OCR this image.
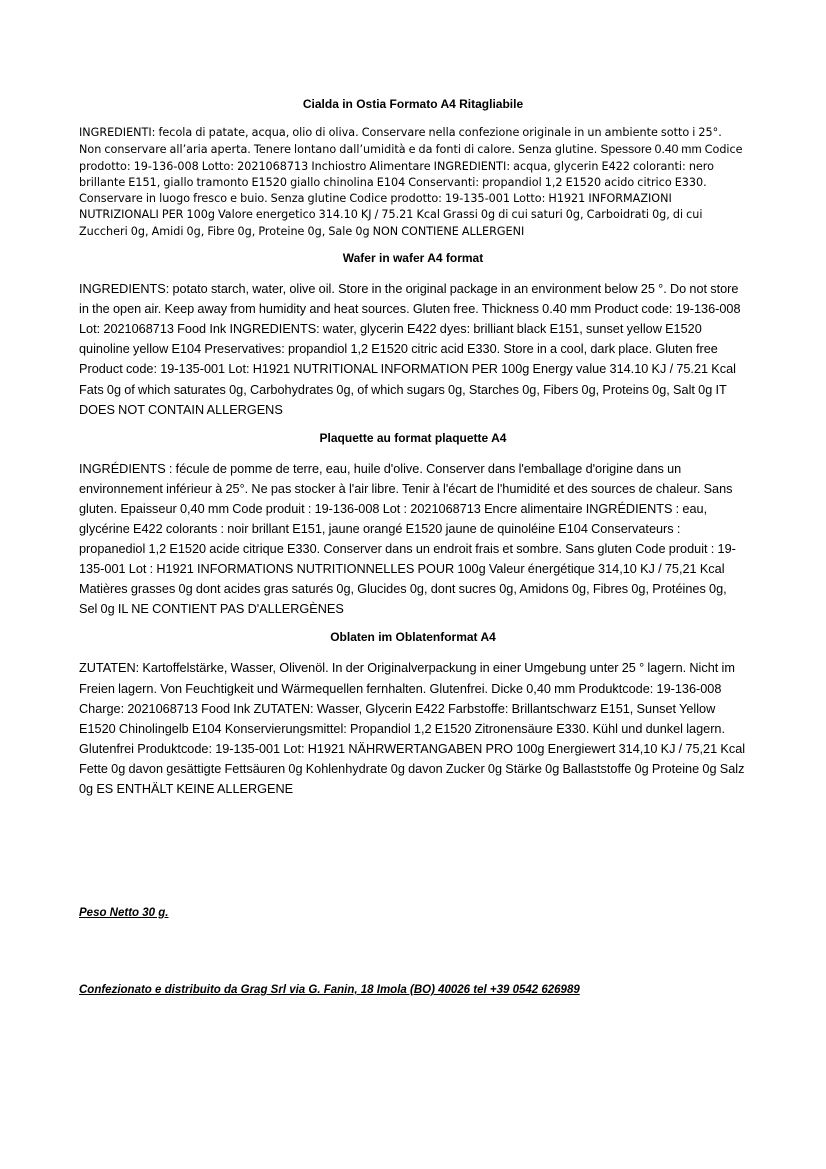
Cialda in Ostia Formato A4 Ritagliabile

INGREDIENTI: fecola di patate, acqua, olio di oliva. Conservare nella confezione originale in un ambiente sotto i 25°. Non conservare all’aria aperta. Tenere lontano dall’umidità e da fonti di calore. Senza glutine. Spessore 0.40 mm Codice prodotto: 19-136-008 Lotto: 2021068713 Inchiostro Alimentare INGREDIENTI: acqua, glycerin E422 coloranti: nero brillante E151, giallo tramonto E1520 giallo chinolina E104 Conservanti: propandiol 1,2 E1520 acido citrico E330. Conservare in luogo fresco e buio. Senza glutine Codice prodotto: 19-135-001 Lotto: H1921 INFORMAZIONI NUTRIZIONALI PER 100g Valore energetico 314.10 KJ / 75.21 Kcal Grassi 0g di cui saturi 0g, Carboidrati 0g, di cui Zuccheri 0g, Amidi 0g, Fibre 0g, Proteine 0g, Sale 0g NON CONTIENE ALLERGENI

Wafer in wafer A4 format

INGREDIENTS: potato starch, water, olive oil. Store in the original package in an environment below 25 °. Do not store in the open air. Keep away from humidity and heat sources. Gluten free. Thickness 0.40 mm Product code: 19-136-008 Lot: 2021068713 Food Ink INGREDIENTS: water, glycerin E422 dyes: brilliant black E151, sunset yellow E1520 quinoline yellow E104 Preservatives: propandiol 1,2 E1520 citric acid E330. Store in a cool, dark place. Gluten free Product code: 19-135-001 Lot: H1921 NUTRITIONAL INFORMATION PER 100g Energy value 314.10 KJ / 75.21 Kcal Fats 0g of which saturates 0g, Carbohydrates 0g, of which sugars 0g, Starches 0g, Fibers 0g, Proteins 0g, Salt 0g IT DOES NOT CONTAIN ALLERGENS

Plaquette au format plaquette A4

INGRÉDIENTS : fécule de pomme de terre, eau, huile d'olive. Conserver dans l'emballage d'origine dans un environnement inférieur à 25°. Ne pas stocker à l'air libre. Tenir à l'écart de l'humidité et des sources de chaleur. Sans gluten. Epaisseur 0,40 mm Code produit : 19-136-008 Lot : 2021068713 Encre alimentaire INGRÉDIENTS : eau, glycérine E422 colorants : noir brillant E151, jaune orangé E1520 jaune de quinoléine E104 Conservateurs : propanediol 1,2 E1520 acide citrique E330. Conserver dans un endroit frais et sombre. Sans gluten Code produit : 19-135-001 Lot : H1921 INFORMATIONS NUTRITIONNELLES POUR 100g Valeur énergétique 314,10 KJ / 75,21 Kcal Matières grasses 0g dont acides gras saturés 0g, Glucides 0g, dont sucres 0g, Amidons 0g, Fibres 0g, Protéines 0g, Sel 0g IL NE CONTIENT PAS D'ALLERGÈNES

Oblaten im Oblatenformat A4

ZUTATEN: Kartoffelstärke, Wasser, Olivenöl. In der Originalverpackung in einer Umgebung unter 25 ° lagern. Nicht im Freien lagern. Von Feuchtigkeit und Wärmequellen fernhalten. Glutenfrei. Dicke 0,40 mm Produktcode: 19-136-008 Charge: 2021068713 Food Ink ZUTATEN: Wasser, Glycerin E422 Farbstoffe: Brillantschwarz E151, Sunset Yellow E1520 Chinolingelb E104 Konservierungsmittel: Propandiol 1,2 E1520 Zitronensäure E330. Kühl und dunkel lagern. Glutenfrei Produktcode: 19-135-001 Lot: H1921 NÄHRWERTANGABEN PRO 100g Energiewert 314,10 KJ / 75,21 Kcal Fette 0g davon gesättigte Fettsäuren 0g Kohlenhydrate 0g davon Zucker 0g Stärke 0g Ballaststoffe 0g Proteine 0g Salz 0g ES ENTHÄLT KEINE ALLERGENE

Peso Netto 30 g.

Confezionato e distribuito da Grag Srl via G. Fanin, 18 Imola (BO) 40026 tel +39 0542 626989
